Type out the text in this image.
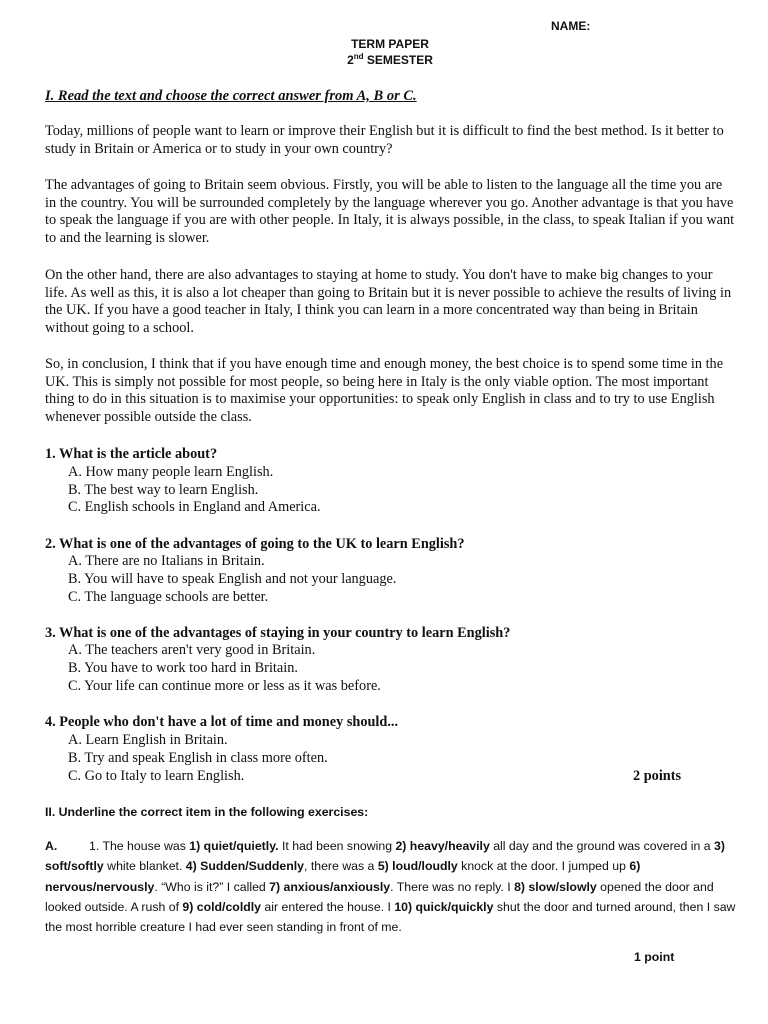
NAME:
TERM PAPER
2nd SEMESTER
I. Read the text and choose the correct answer from A, B or C.

Today, millions of people want to learn or improve their English but it is difficult to find the best method. Is it better to study in Britain or America or to study in your own country?

The advantages of going to Britain seem obvious. Firstly, you will be able to listen to the language all the time you are in the country. You will be surrounded completely by the language wherever you go. Another advantage is that you have to speak the language if you are with other people. In Italy, it is always possible, in the class, to speak Italian if you want to and the learning is slower.

On the other hand, there are also advantages to staying at home to study. You don't have to make big changes to your life. As well as this, it is also a lot cheaper than going to Britain but it is never possible to achieve the results of living in the UK. If you have a good teacher in Italy, I think you can learn in a more concentrated way than being in Britain without going to a school.

So, in conclusion, I think that if you have enough time and enough money, the best choice is to spend some time in the UK. This is simply not possible for most people, so being here in Italy is the only viable option. The most important thing to do in this situation is to maximise your opportunities: to speak only English in class and to try to use English whenever possible outside the class.

1. What is the article about?
A. How many people learn English.
B. The best way to learn English.
C. English schools in England and America.
2. What is one of the advantages of going to the UK to learn English?
A. There are no Italians in Britain.
B. You will have to speak English and not your language.
C. The language schools are better.
3. What is one of the advantages of staying in your country to learn English?
A. The teachers aren't very good in Britain.
B. You have to work too hard in Britain.
C. Your life can continue more or less as it was before.
4. People who don't have a lot of time and money should...
A. Learn English in Britain.
B. Try and speak English in class more often.
C. Go to Italy to learn English.	2 points
II. Underline the correct item in the following exercises:

A.	1. The house was 1) quiet/quietly. It had been snowing 2) heavy/heavily all day and the ground was covered in a 3) soft/softly white blanket. 4) Sudden/Suddenly, there was a 5) loud/loudly knock at the door. I jumped up 6) nervous/nervously. “Who is it?” I called 7) anxious/anxiously. There was no reply. I 8) slow/slowly opened the door and looked outside. A rush of 9) cold/coldly air entered the house. I 10) quick/quickly shut the door and turned around, then I saw the most horrible creature I had ever seen standing in front of me.

1 point
